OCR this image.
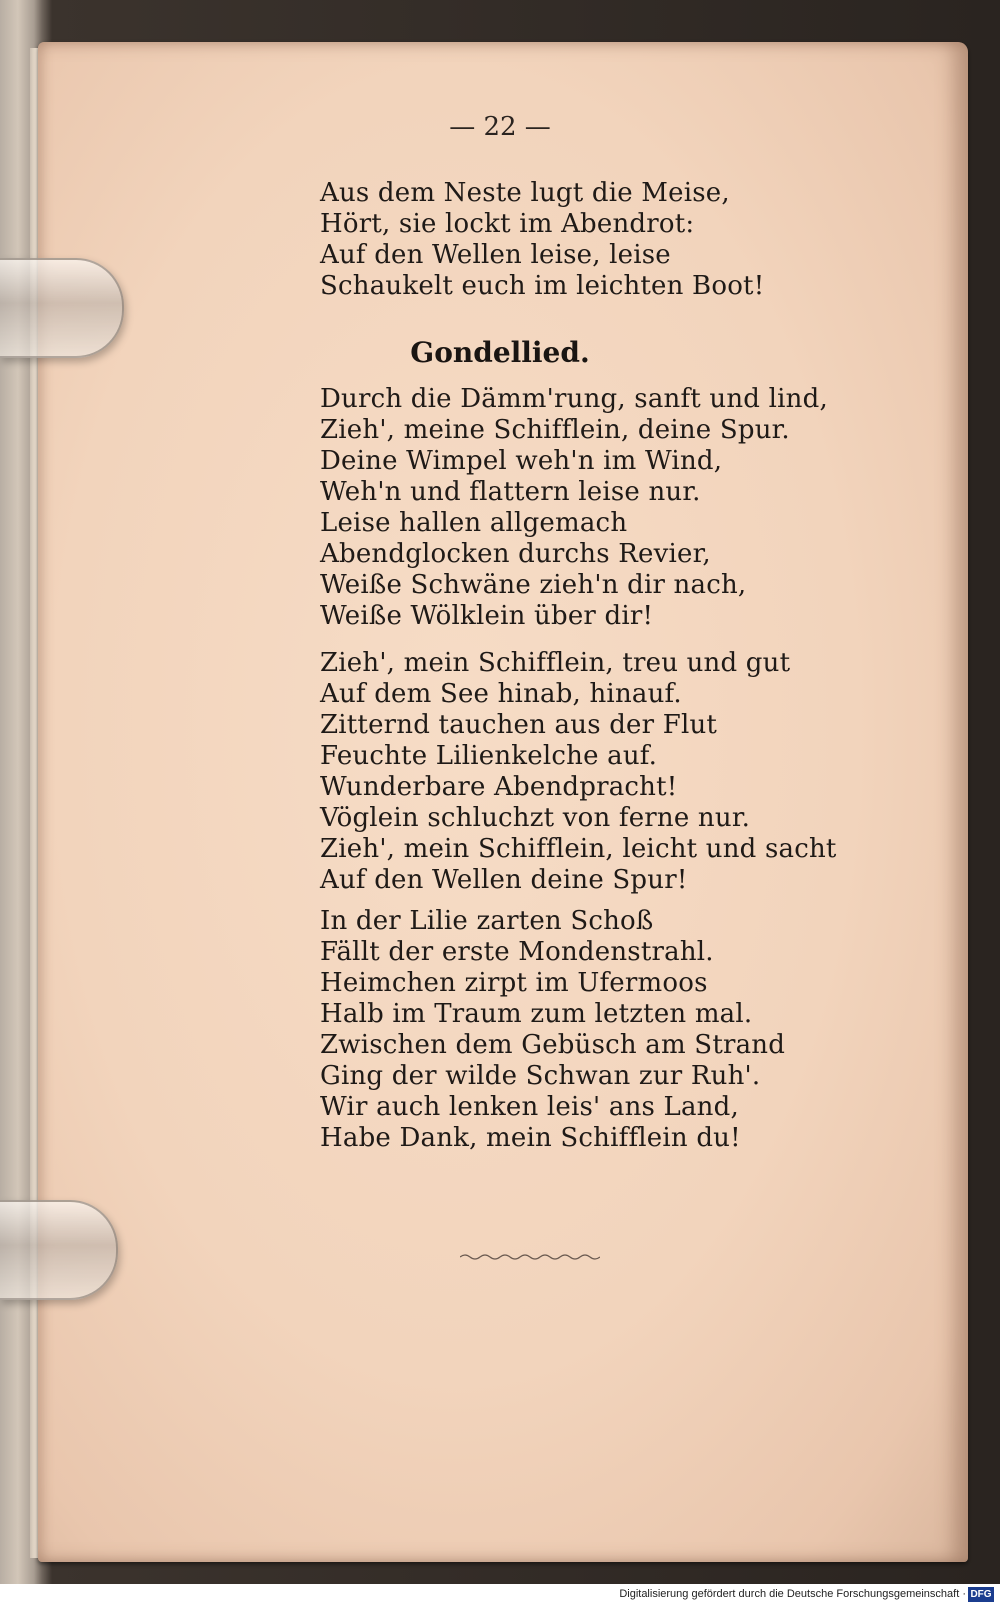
— 22 —
Aus dem Neste lugt die Meise,
Hört, sie lockt im Abendrot:
Auf den Wellen leise, leise
Schaukelt euch im leichten Boot!
Gondellied.
Durch die Dämm'rung, sanft und lind,
Zieh', meine Schifflein, deine Spur.
Deine Wimpel weh'n im Wind,
Weh'n und flattern leise nur.
Leise hallen allgemach
Abendglocken durchs Revier,
Weiße Schwäne zieh'n dir nach,
Weiße Wölklein über dir!
Zieh', mein Schifflein, treu und gut
Auf dem See hinab, hinauf.
Zitternd tauchen aus der Flut
Feuchte Lilienkelche auf.
Wunderbare Abendpracht!
Vöglein schluchzt von ferne nur.
Zieh', mein Schifflein, leicht und sacht
Auf den Wellen deine Spur!
In der Lilie zarten Schoß
Fällt der erste Mondenstrahl.
Heimchen zirpt im Ufermoos
Halb im Traum zum letzten mal.
Zwischen dem Gebüsch am Strand
Ging der wilde Schwan zur Ruh'.
Wir auch lenken leis' ans Land,
Habe Dank, mein Schifflein du!
Digitalisierung gefördert durch die Deutsche Forschungsgemeinschaft · DFG
